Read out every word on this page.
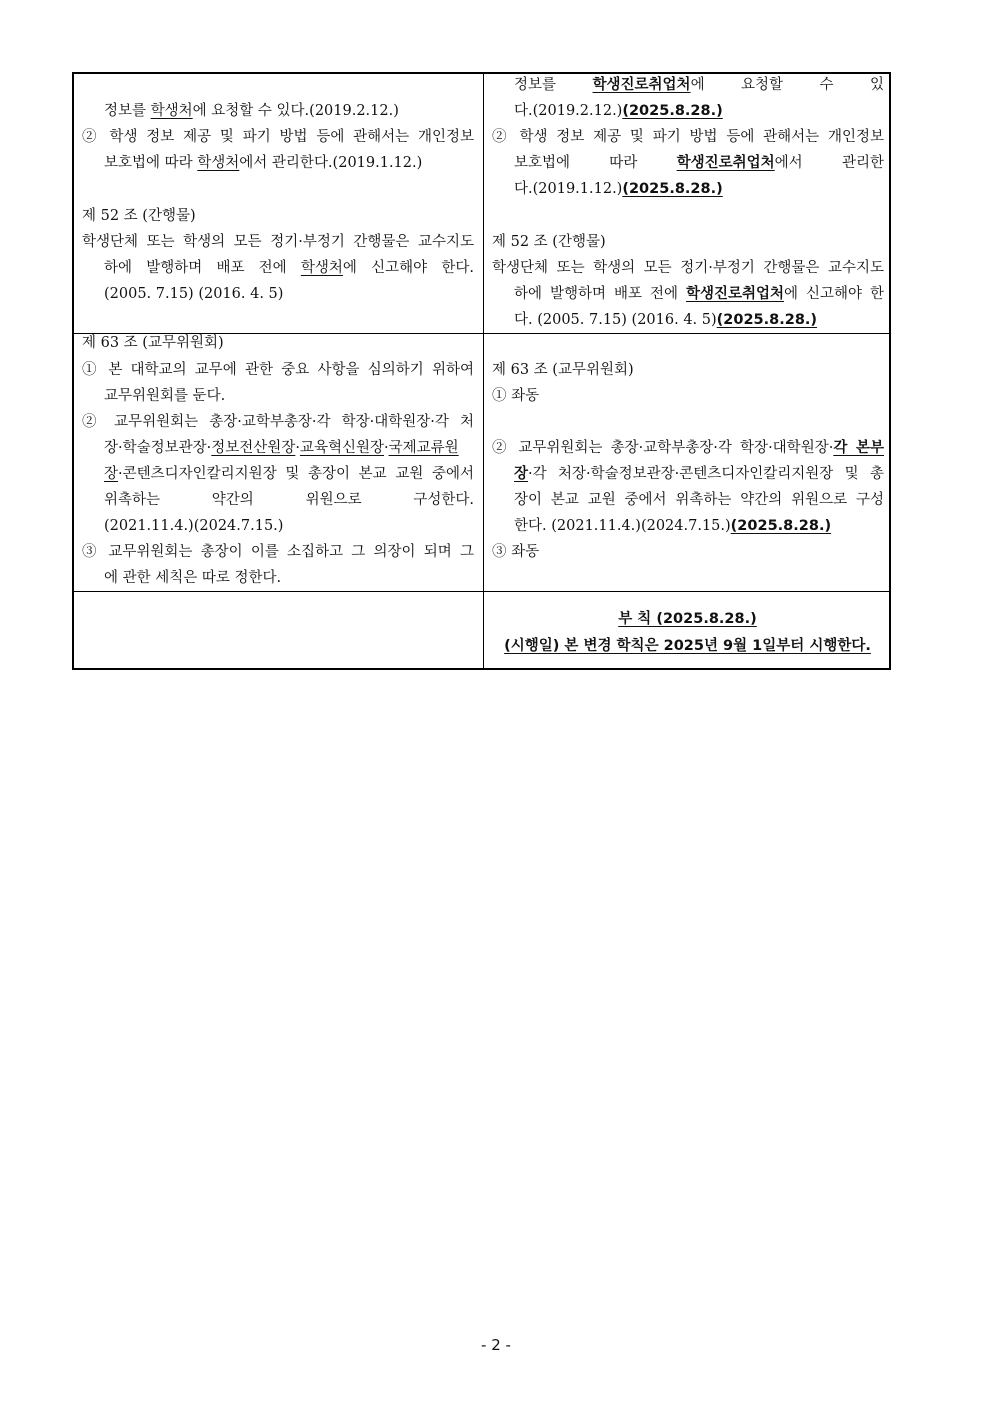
정보를 학생처에 요청할 수 있다.(2019.2.12.)
② 학생 정보 제공 및 파기 방법 등에 관해서는 개인정보
보호법에 따라 학생처에서 관리한다.(2019.1.12.)
제 52 조 (간행물)
학생단체 또는 학생의 모든 정기·부정기 간행물은 교수지도
하에 발행하며 배포 전에 학생처에 신고해야 한다.
(2005. 7.15) (2016. 4. 5)
제 63 조 (교무위원회)
① 본 대학교의 교무에 관한 중요 사항을 심의하기 위하여
교무위원회를 둔다.
② 교무위원회는 총장·교학부총장·각 학장·대학원장·각 처
장·학술정보관장·정보전산원장·교육혁신원장·국제교류원
장·콘텐츠디자인칼리지원장 및 총장이 본교 교원 중에서
위촉하는 약간의 위원으로 구성한다.
(2021.11.4.)(2024.7.15.)
③ 교무위원회는 총장이 이를 소집하고 그 의장이 되며 그
에 관한 세칙은 따로 정한다.
정보를 학생진로취업처에 요청할 수 있
다.(2019.2.12.)(2025.8.28.)
② 학생 정보 제공 및 파기 방법 등에 관해서는 개인정보
보호법에 따라 학생진로취업처에서 관리한
다.(2019.1.12.)(2025.8.28.)
제 52 조 (간행물)
학생단체 또는 학생의 모든 정기·부정기 간행물은 교수지도
하에 발행하며 배포 전에 학생진로취업처에 신고해야 한
다. (2005. 7.15) (2016. 4. 5)(2025.8.28.)
제 63 조 (교무위원회)
① 좌동
② 교무위원회는 총장·교학부총장·각 학장·대학원장·각 본부
장·각 처장·학술정보관장·콘텐츠디자인칼리지원장 및 총
장이 본교 교원 중에서 위촉하는 약간의 위원으로 구성
한다. (2021.11.4.)(2024.7.15.)(2025.8.28.)
③ 좌동
부 칙 (2025.8.28.)
(시행일) 본 변경 학칙은 2025년 9월 1일부터 시행한다.
- 2 -
